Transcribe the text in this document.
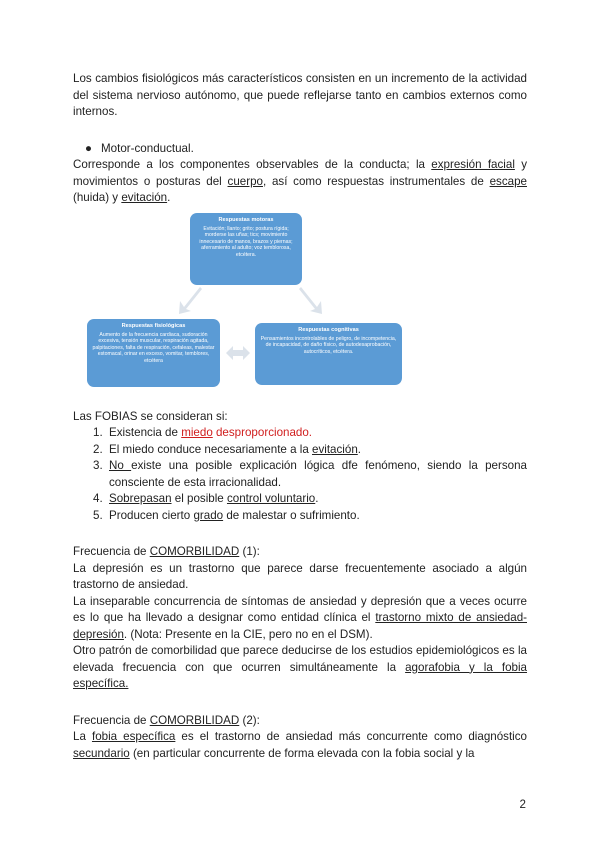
Los cambios fisiológicos más característicos consisten en un incremento de la actividad del sistema nervioso autónomo, que puede reflejarse tanto en cambios externos como internos.

● Motor-conductual.

Corresponde a los componentes observables de la conducta; la expresión facial y movimientos o posturas del cuerpo, así como respuestas instrumentales de escape (huida) y evitación.

Respuestas motoras
Evitación; llanto; grito; postura rígida; morderse las uñas; tics; movimiento innecesario de manos, brazos y piernas; aferramiento al adulto; voz temblorosa, etcétera.
Respuestas fisiológicas
Aumento de la frecuencia cardiaca, sudoración excesiva, tensión muscular, respiración agitada, palpitaciones, falta de respiración, cefaleas, malestar estomacal, orinar en exceso, vomitar, temblores, etcétera
Respuestas cognitivas
Pensamientos incontrolables de peligro, de incompetencia, de incapacidad, de daño físico, de autodesaprobación, autocríticos, etcétera.

Las FOBIAS se consideran si:

1. Existencia de miedo desproporcionado.
2. El miedo conduce necesariamente a la evitación.
3. No existe una posible explicación lógica dfe fenómeno, siendo la persona consciente de esta irracionalidad.
4. Sobrepasan el posible control voluntario.
5. Producen cierto grado de malestar o sufrimiento.
Frecuencia de COMORBILIDAD (1):

La depresión es un trastorno que parece darse frecuentemente asociado a algún trastorno de ansiedad.

La inseparable concurrencia de síntomas de ansiedad y depresión que a veces ocurre es lo que ha llevado a designar como entidad clínica el trastorno mixto de ansiedad- depresión. (Nota: Presente en la CIE, pero no en el DSM).

Otro patrón de comorbilidad que parece deducirse de los estudios epidemiológicos es la elevada frecuencia con que ocurren simultáneamente la agorafobia y la fobia específica.

Frecuencia de COMORBILIDAD (2):

La fobia específica es el trastorno de ansiedad más concurrente como diagnóstico secundario (en particular concurrente de forma elevada con la fobia social y la

2
